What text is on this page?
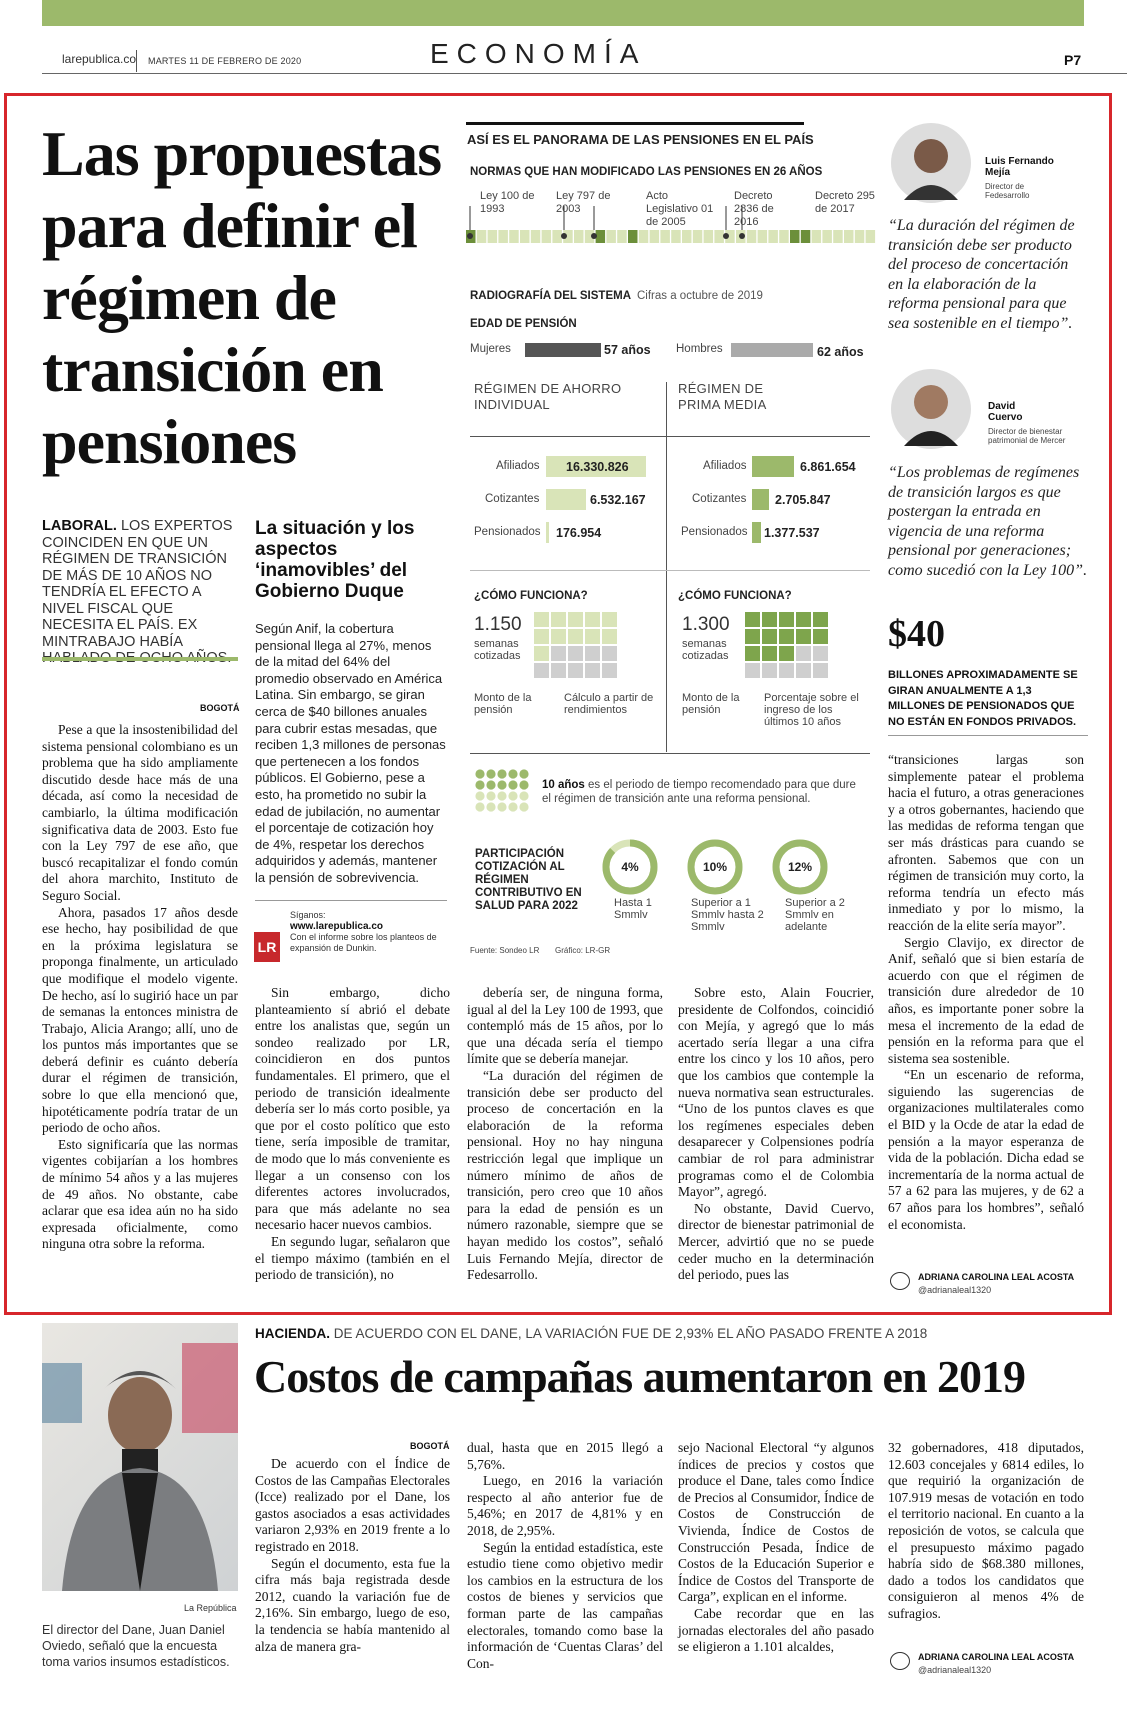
larepublica.co MARTES 11 DE FEBRERO DE 2020	ECONOMÍA	P7
Las propuestas para definir el régimen de transición en pensiones
LABORAL. LOS EXPERTOS COINCIDEN EN QUE UN RÉGIMEN DE TRANSICIÓN DE MÁS DE 10 AÑOS NO TENDRÍA EL EFECTO A NIVEL FISCAL QUE NECESITA EL PAÍS. EX MINTRABAJO HABÍA
BOGOTÁ

Pese a que la insostenibilidad del sistema pensional colombiano es un problema que ha sido ampliamente discutido desde hace más de una década, así como la necesidad de cambiarlo, la última modificación significativa data de 2003. Esto fue con la Ley 797 de ese año, que buscó recapitalizar el fondo común del ahora marchito, Instituto de Seguro Social.

Ahora, pasados 17 años desde ese hecho, hay posibilidad de que en la próxima legislatura se proponga finalmente, un articulado que modifique el modelo vigente. De hecho, así lo sugirió hace un par de semanas la entonces ministra de Trabajo, Alicia Arango; allí, uno de los puntos más importantes que se deberá definir es cuánto debería durar el régimen de transición, sobre lo que ella mencionó que, hipotéticamente podría tratar de un periodo de ocho años.

Esto significaría que las normas vigentes cobijarían a los hombres de mínimo 54 años y a las mujeres de 49 años. No obstante, cabe aclarar que esa idea aún no ha sido expresada oficialmente, como ninguna otra sobre la reforma.

La situación y los aspectos ‘inamovibles’ del Gobierno Duque
Según Anif, la cobertura pensional llega al 27%, menos de la mitad del 64% del promedio observado en América Latina. Sin embargo, se giran cerca de $40 billones anuales para cubrir estas mesadas, que reciben 1,3 millones de personas que pertenecen a los fondos públicos. El Gobierno, pese a esto, ha prometido no subir la edad de jubilación, no aumentar el porcentaje de cotización hoy de 4%, respetar los derechos adquiridos y además, mantener la pensión de sobrevivencia.
LR
Síganos:
www.larepublica.co
Con el informe sobre los planteos de expansión de Dunkin.

Sin embargo, dicho planteamiento sí abrió el debate entre los analistas que, según un sondeo realizado por LR, coincidieron en dos puntos fundamentales. El primero, que el periodo de transición idealmente debería ser lo más corto posible, ya que por el costo político que esto tiene, sería imposible de tramitar, de modo que lo más conveniente es llegar a un consenso con los diferentes actores involucrados, para que más adelante no sea necesario hacer nuevos cambios.

En segundo lugar, señalaron que el tiempo máximo (también en el periodo de transición), no

debería ser, de ninguna forma, igual al del la Ley 100 de 1993, que contempló más de 15 años, por lo que una década sería el tiempo límite que se debería manejar.

“La duración del régimen de transición debe ser producto del proceso de concertación en la elaboración de la reforma pensional. Hoy no hay ninguna restricción legal que implique un número mínimo de años de transición, pero creo que 10 años para la edad de pensión es un número razonable, siempre que se hayan medido los costos”, señaló Luis Fernando Mejía, director de Fedesarrollo.

Sobre esto, Alain Foucrier, presidente de Colfondos, coincidió con Mejía, y agregó que lo más acertado sería llegar a una cifra entre los cinco y los 10 años, pero que los cambios que contemple la nueva normativa sean estructurales. “Uno de los puntos claves es que los regímenes especiales deben desaparecer y Colpensiones podría cambiar de rol para administrar programas como el de Colombia Mayor”, agregó.

No obstante, David Cuervo, director de bienestar patrimonial de Mercer, advirtió que no se puede ceder mucho en la determinación del periodo, pues las

“transiciones largas son simplemente patear el problema hacia el futuro, a otras generaciones y a otros gobernantes, haciendo que las medidas de reforma tengan que ser más drásticas para cuando se afronten. Sabemos que con un régimen de transición muy corto, la reforma tendría un efecto más inmediato y por lo mismo, la reacción de la elite sería mayor”.

Sergio Clavijo, ex director de Anif, señaló que si bien estaría de acuerdo con que el régimen de transición dure alrededor de 10 años, es importante poner sobre la mesa el incremento de la edad de pensión en la reforma para que el sistema sea sostenible.

“En un escenario de reforma, siguiendo las sugerencias de organizaciones multilaterales como el BID y la Ocde de atar la edad de pensión a la mayor esperanza de vida de la población. Dicha edad se incrementaría de la norma actual de 57 a 62 para las mujeres, y de 62 a 67 años para los hombres”, señaló el economista.

ADRIANA CAROLINA LEAL ACOSTA
@adrianaleal1320
ASÍ ES EL PANORAMA DE LAS PENSIONES EN EL PAÍS
NORMAS QUE HAN MODIFICADO LAS PENSIONES EN 26 AÑOS
Ley 100 de 1993
Ley 797 de 2003
Acto Legislativo 01 de 2005
Decreto 2836 de 2016
Decreto 295 de 2017
RADIOGRAFÍA DEL SISTEMA Cifras a octubre de 2019
EDAD DE PENSIÓN
Mujeres	57 años Hombres	62 años
RÉGIMEN DE AHORRO INDIVIDUAL
RÉGIMEN DE PRIMA MEDIA
Afiliados 16.330.826
Cotizantes	6.532.167
Pensionados 176.954
Afiliados	6.861.654
Cotizantes 2.705.847
Pensionados 1.377.537
¿CÓMO FUNCIONA?	¿CÓMO FUNCIONA?
1.150
semanas cotizadas
1.300
semanas cotizadas
Monto de la pensión
Cálculo a partir de rendimientos
Monto de la pensión
Porcentaje sobre el ingreso de los últimos 10 años
10 años es el periodo de tiempo recomendado para que dure el régimen de transición ante una reforma pensional.
PARTICIPACIÓN COTIZACIÓN AL RÉGIMEN CONTRIBUTIVO EN SALUD PARA 2022
4%	10%	12%
Hasta 1 Smmlv
Superior a 1 Smmlv hasta 2 Smmlv
Superior a 2 Smmlv en adelante
Fuente: Sondeo LR Gráfico: LR-GR
Luis Fernando Mejía
Director de Fedesarrollo
“La duración del régimen de transición debe ser producto del proceso de concertación en la elaboración de la reforma pensional para que sea sostenible en el tiempo”.
David Cuervo
Director de bienestar patrimonial de Mercer
“Los problemas de regímenes de transición largos es que postergan la entrada en vigencia de una reforma pensional por generaciones; como sucedió con la Ley 100”.
$40
BILLONES APROXIMADAMENTE SE GIRAN ANUALMENTE A 1,3 MILLONES DE PENSIONADOS QUE NO ESTÁN EN FONDOS PRIVADOS.
La República
El director del Dane, Juan Daniel Oviedo, señaló que la encuesta toma varios insumos estadísticos.
HACIENDA. DE ACUERDO CON EL DANE, LA VARIACIÓN FUE DE 2,93% EL AÑO PASADO FRENTE A 2018
Costos de campañas aumentaron en 2019
BOGOTÁ

De acuerdo con el Índice de Costos de las Campañas Electorales (Icce) realizado por el Dane, los gastos asociados a esas actividades variaron 2,93% en 2019 frente a lo registrado en 2018.

Según el documento, esta fue la cifra más baja registrada desde 2012, cuando la variación fue de 2,16%. Sin embargo, luego de eso, la tendencia se había mantenido al alza de manera gra-

dual, hasta que en 2015 llegó a 5,76%.

Luego, en 2016 la variación respecto al año anterior fue de 5,46%; en 2017 de 4,81% y en 2018, de 2,95%.

Según la entidad estadística, este estudio tiene como objetivo medir los cambios en la estructura de los costos de bienes y servicios que forman parte de las campañas electorales, tomando como base la información de ‘Cuentas Claras’ del Con-

sejo Nacional Electoral “y algunos índices de precios y costos que produce el Dane, tales como Índice de Precios al Consumidor, Índice de Costos de Construcción de Vivienda, Índice de Costos de Construcción Pesada, Índice de Costos de la Educación Superior e Índice de Costos del Transporte de Carga”, explican en el informe.

Cabe recordar que en las jornadas electorales del año pasado se eligieron a 1.101 alcaldes,

32 gobernadores, 418 diputados, 12.603 concejales y 6814 ediles, lo que requirió la organización de 107.919 mesas de votación en todo el territorio nacional. En cuanto a la reposición de votos, se calcula que el presupuesto máximo pagado habría sido de $68.380 millones, dado a todos los candidatos que consiguieron al menos 4% de sufragios.

ADRIANA CAROLINA LEAL ACOSTA
@adrianaleal1320
